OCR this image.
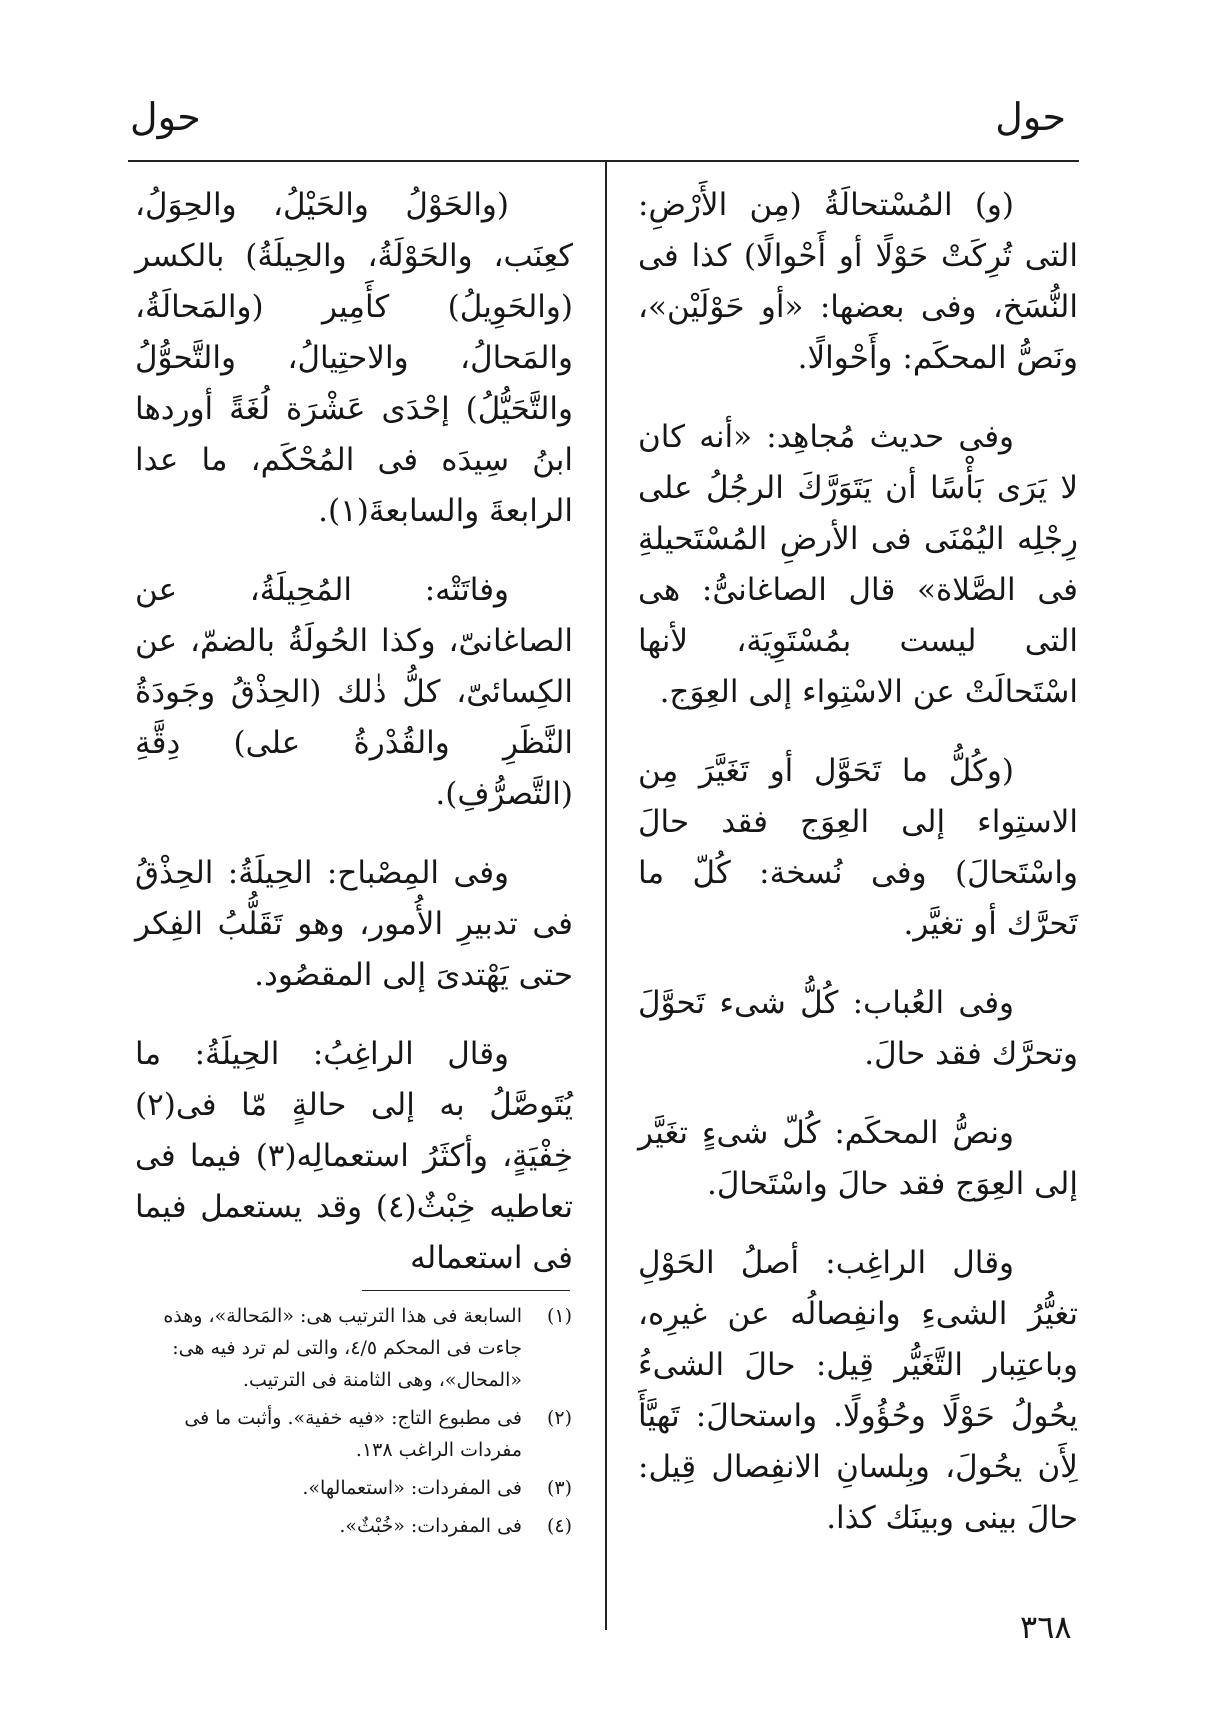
حول
حول

(و) المُسْتحالَةُ (مِن الأَرْضِ: التى تُرِكَتْ حَوْلًا أو أَحْوالًا) كذا فى النُّسَخ، وفى بعضها: «أو حَوْلَيْن»، ونَصُّ المحكَم: وأَحْوالًا.

وفى حديث مُجاهِد: «أنه كان لا يَرَى بَأْسًا أن يَتَوَرَّكَ الرجُلُ على رِجْلِه اليُمْنَى فى الأرضِ المُسْتَحيلةِ فى الصَّلاة» قال الصاغانىُّ: هى التى ليست بمُسْتَوِيَة، لأنها اسْتَحالَتْ عن الاسْتِواء إلى العِوَج.

(وكُلُّ ما تَحَوَّل أو تَغَيَّرَ مِن الاستِواء إلى العِوَج فقد حالَ واسْتَحالَ) وفى نُسخة: كُلّ ما تَحرَّك أو تغيَّر.

وفى العُباب: كُلُّ شىء تَحوَّلَ وتحرَّك فقد حالَ.

ونصُّ المحكَم: كُلّ شىءٍ تغَيَّر إلى العِوَج فقد حالَ واسْتَحالَ.

وقال الراغِب: أصلُ الحَوْلِ تغيُّرُ الشىءِ وانفِصالُه عن غيرِه، وباعتِبار التَّغَيُّر قِيل: حالَ الشىءُ يحُولُ حَوْلًا وحُؤُولًا. واستحالَ: تَهيَّأَ لِأَن يحُولَ، وبِلسانِ الانفِصال قِيل: حالَ بينى وبينَك كذا.

(والحَوْلُ والحَيْلُ، والحِوَلُ، كعِنَب، والحَوْلَةُ، والحِيلَةُ) بالكسر (والحَوِيلُ) كأَمِير (والمَحالَةُ، والمَحالُ، والاحتِيالُ، والتَّحوُّلُ والتَّحَيُّلُ) إحْدَى عَشْرَة لُغَةً أوردها ابنُ سِيدَه فى المُحْكَم، ما عدا الرابعةَ والسابعةَ(١).

وفاتَتْه: المُحِيلَةُ، عن الصاغانىّ، وكذا الحُولَةُ بالضمّ، عن الكِسائىّ، كلُّ ذٰلك (الحِذْقُ وجَودَةُ النَّظَرِ والقُدْرةُ على) دِقَّةِ (التَّصرُّفِ).

وفى المِصْباح: الحِيلَةُ: الحِذْقُ فى تدبيرِ الأُمور، وهو تَقَلُّبُ الفِكر حتى يَهْتدىَ إلى المقصُود.

وقال الراغِبُ: الحِيلَةُ: ما يُتَوصَّلُ به إلى حالةٍ مّا فى(٢) خِفْيَةٍ، وأكثَرُ استعمالِه(٣) فيما فى تعاطيه خِبْثٌ(٤) وقد يستعمل فيما فى استعماله

(١)
السابعة فى هذا الترتيب هى: «المَحالة»، وهذه جاءت فى المحكم ٤/٥، والتى لم ترد فيه هى: «المحال»، وهى الثامنة فى الترتيب.
(٢)
فى مطبوع التاج: «فيه خفية». وأثبت ما فى مفردات الراغب ١٣٨.
(٣)
فى المفردات: «استعمالها».
(٤)
فى المفردات: «خُبْثٌ».
٣٦٨
